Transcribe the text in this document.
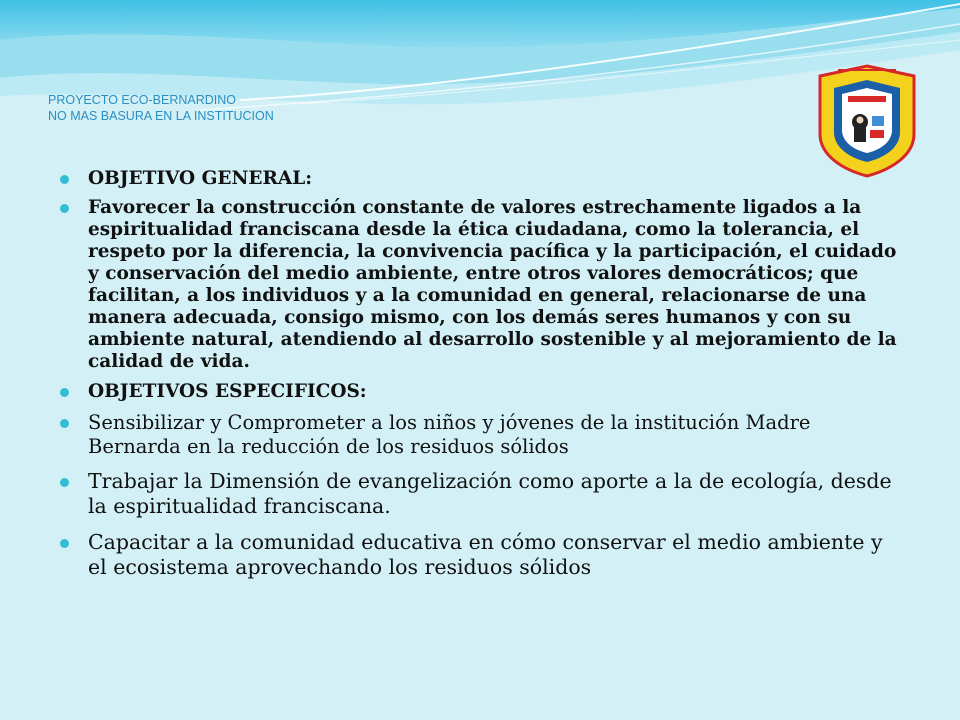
PROYECTO ECO-BERNARDINO
NO MAS BASURA EN LA INSTITUCION

OBJETIVO GENERAL:

Favorecer la construcción constante de valores estrechamente ligados a la espiritualidad franciscana desde la ética ciudadana, como la tolerancia, el respeto por la diferencia, la convivencia pacífica y la participación, el cuidado y conservación del medio ambiente, entre otros valores democráticos; que facilitan, a los individuos y a la comunidad en general, relacionarse de una manera adecuada, consigo mismo, con los demás seres humanos y con su ambiente natural, atendiendo al desarrollo sostenible y al mejoramiento de la calidad de vida.

OBJETIVOS ESPECIFICOS:

Sensibilizar y Comprometer a los niños y jóvenes de la institución Madre Bernarda en la reducción de los residuos sólidos

Trabajar la Dimensión de evangelización como aporte a la de ecología, desde la espiritualidad franciscana.

Capacitar a la comunidad educativa en cómo conservar el medio ambiente y el ecosistema aprovechando los residuos sólidos
